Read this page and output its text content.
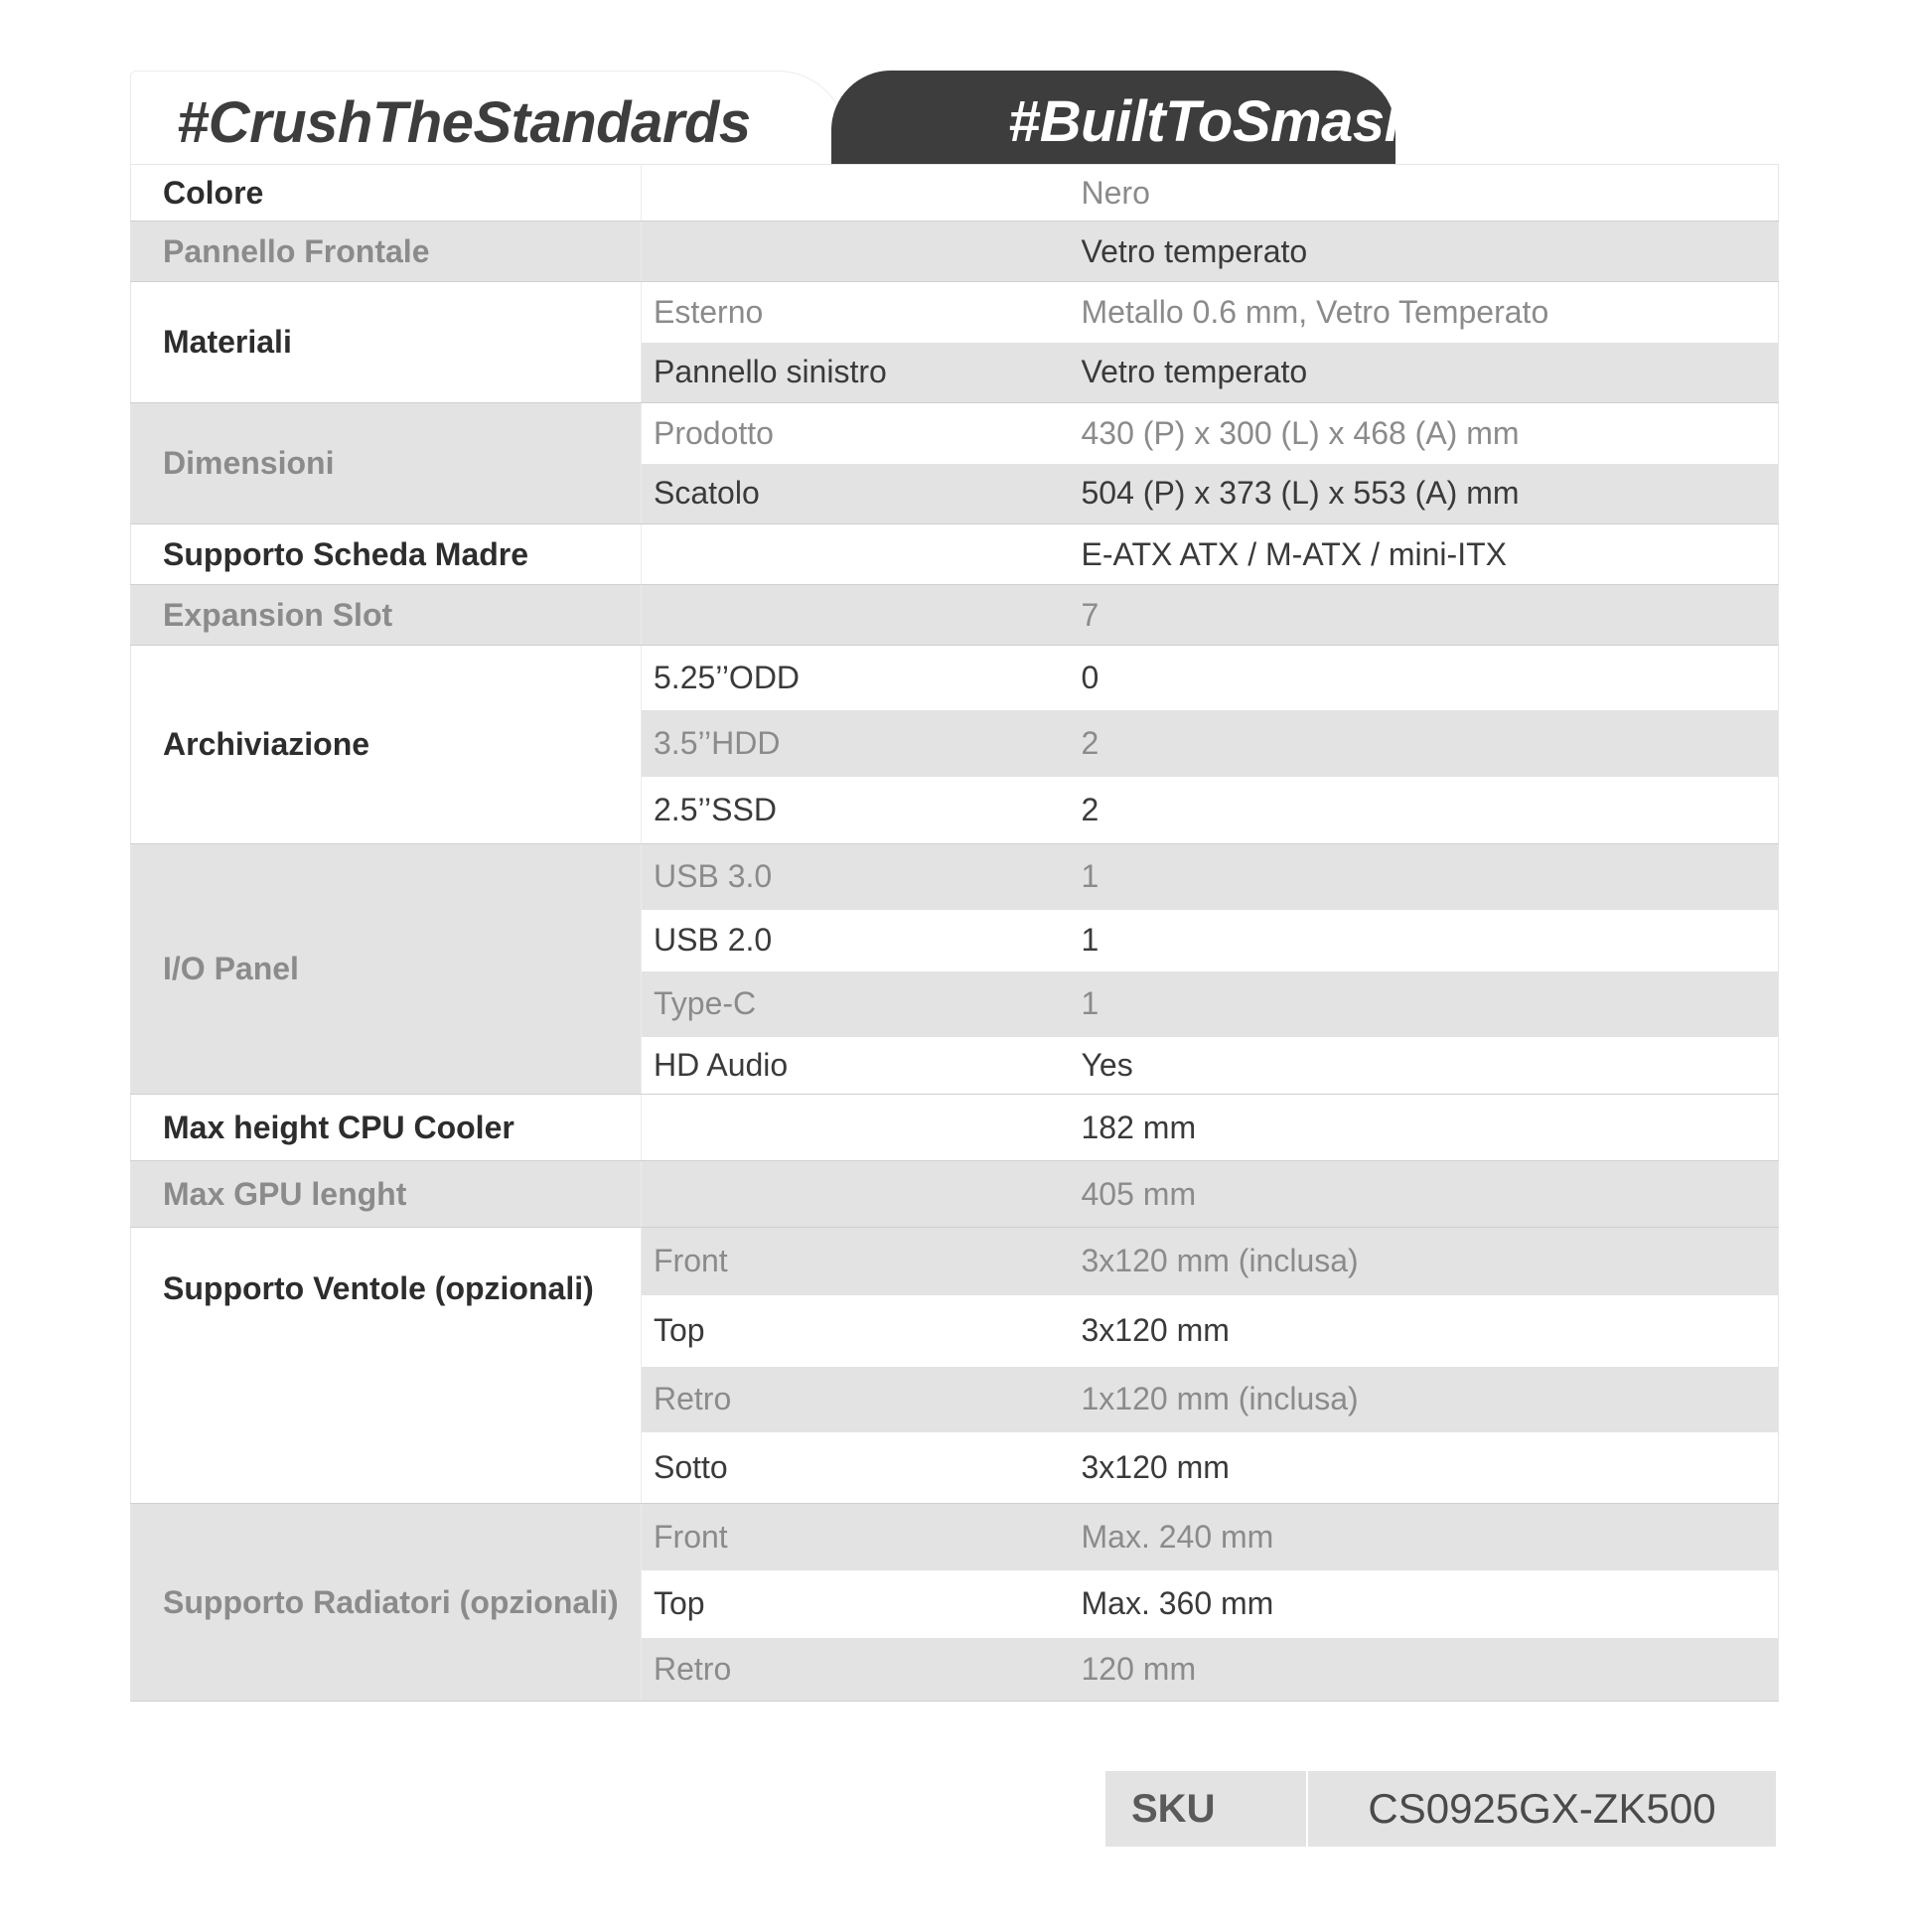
#CrushTheStandards	#BuiltToSmash
Colore		Nero
Pannello Frontale		Vetro temperato
Materiali	Esterno	Metallo 0.6 mm, Vetro Temperato
	Pannello sinistro	Vetro temperato
Dimensioni	Prodotto	430 (P) x 300 (L) x 468 (A) mm
	Scatolo	504 (P) x 373 (L) x 553 (A) mm
Supporto Scheda Madre		E-ATX ATX / M-ATX / mini-ITX
Expansion Slot		7
Archiviazione	5.25’’ODD	0
	3.5’’HDD	2
	2.5’’SSD	2
I/O Panel	USB 3.0	1
	USB 2.0	1
	Type-C	1
	HD Audio	Yes
Max height CPU Cooler		182 mm
Max GPU lenght		405 mm
Supporto Ventole (opzionali)	Front	3x120 mm (inclusa)
	Top	3x120 mm
	Retro	1x120 mm (inclusa)
	Sotto	3x120 mm
Supporto Radiatori (opzionali)	Front	Max. 240 mm
	Top	Max. 360 mm
	Retro	120 mm
SKU	CS0925GX-ZK500
